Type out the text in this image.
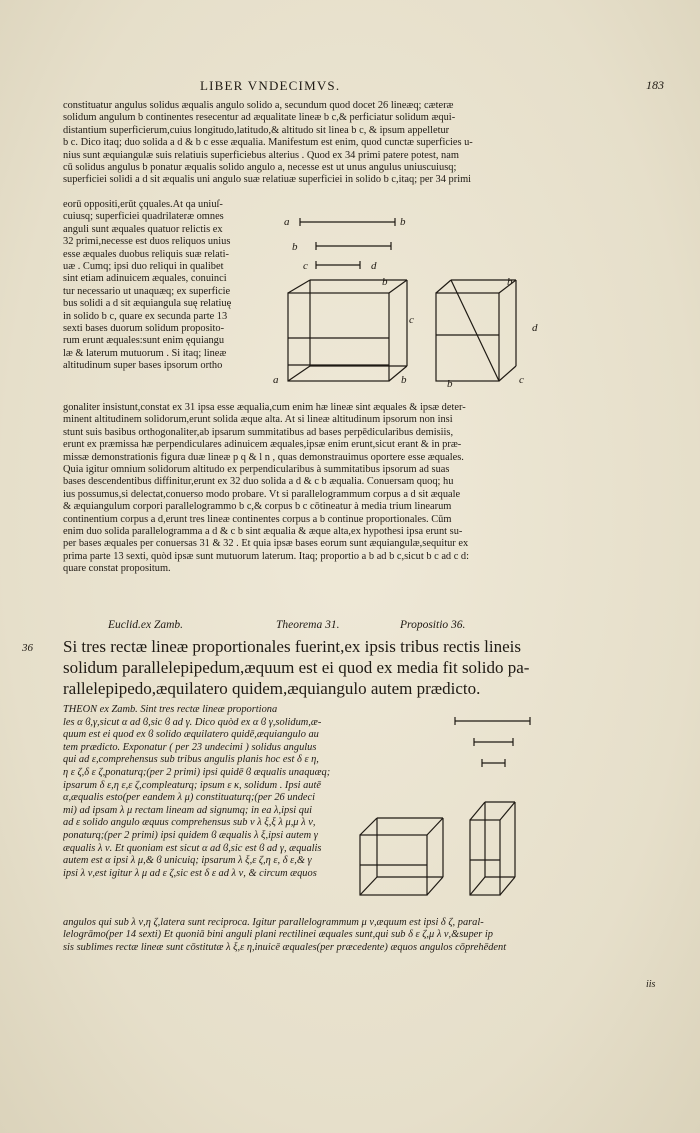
LIBER VNDECIMVS.	183
constituatur angulus solidus æqualis angulo solido a, secundum quod docet 26 lineæq; cæteræ
solidum angulum b continentes resecentur ad æqualitate lineæ b c,& perficiatur solidum æqui-
distantium superficierum,cuius longitudo,latitudo,& altitudo sit linea b c, & ipsum appelletur
b c. Dico itaq; duo solida a d & b c esse æqualia. Manifestum est enim, quod cunctæ superficies u-
nius sunt æquiangulæ suis relatiuis superficiebus alterius . Quod ex 34 primi patere potest, nam
cū solidus angulus b ponatur æqualis solido angulo a, necesse est ut unus angulus uniuscuiusq;
superficiei solidi a d sit æqualis uni angulo suæ relatiuæ superficiei in solido b c,itaq; per 34 primi
eorū oppositi,erūt çquales.At qa uniuſ-
cuiusq; superficiei quadrilateræ omnes
anguli sunt æquales quatuor relictis ex
32 primi,necesse est duos reliquos unius
esse æquales duobus reliquis suæ relati-
uæ . Cumq; ipsi duo reliqui in qualibet
sint etiam adinuicem æquales, conuinci
tur necessario ut unaquæq; ex superficie
bus solidi a d sit æquiangula suę relatiuę
in solido b c, quare ex secunda parte 13
sexti bases duorum solidum proposito-
rum erunt æquales:sunt enim ęquiangu
læ & laterum mutuorum . Si itaq; lineæ
altitudinum super bases ipsorum ortho
a	b
b
c	d
a	b
c
b
b	c
d
b
gonaliter insistunt,constat ex 31 ipsa esse æqualia,cum enim hæ lineæ sint æquales & ipsæ deter-
minent altitudinem solidorum,erunt solida æque alta. At si lineæ altitudinum ipsorum non insi
stunt suis basibus orthogonaliter,ab ipsarum summitatibus ad bases perpēdicularibus demisiis,
erunt ex præmissa hæ perpendiculares adinuicem æquales,ipsæ enim erunt,sicut erant & in præ-
missæ demonstrationis figura duæ lineæ p q & l n , quas demonstrauimus oportere esse æquales.
Quia igitur omnium solidorum altitudo ex perpendicularibus à summitatibus ipsorum ad suas
bases descendentibus diffinitur,erunt ex 32 duo solida a d & c b æqualia. Conuersam quoq; hu
ius possumus,si delectat,conuerso modo probare. Vt si parallelogrammum corpus a d sit æquale
& æquiangulum corpori parallelogrammo b c,& corpus b c cōtineatur à media trium linearum
continentium corpus a d,erunt tres lineæ continentes corpus a b continue proportionales. Cūm
enim duo solida parallelogramma a d & c b sint æqualia & æque alta,ex hypothesi ipsa erunt su-
per bases æquales per conuersas 31 & 32 . Et quia ipsæ bases eorum sunt æquiangulæ,sequitur ex
prima parte 13 sexti, quòd ipsæ sunt mutuorum laterum. Itaq; proportio a b ad b c,sicut b c ad c d:
quare constat propositum.
Euclid.ex Zamb.	Theorema 31.	Propositio 36.
36 Si tres rectæ lineæ proportionales fuerint,ex ipsis tribus rectis lineis
solidum parallelepipedum,æquum est ei quod ex media fit solido pa-
rallelepipedo,æquilatero quidem,æquiangulo autem prædicto.
THEON ex Zamb. Sint tres rectæ lineæ proportiona
les α ϐ,γ,sicut α ad ϐ,sic ϐ ad γ. Dico quòd ex α ϐ γ,solidum,æ-
quum est ei quod ex ϐ solido æquilatero quidē,æquiangulo au
tem prædicto. Exponatur ( per 23 undecimi ) solidus angulus
qui ad ε,comprehensus sub tribus angulis planis hoc est δ ε η,
η ε ζ,δ ε ζ,ponaturq;(per 2 primi) ipsi quidē ϐ æqualis unaquæq;
ipsarum δ ε,η ε,ε ζ,compleaturq; ipsum ε κ, solidum . Ipsi autē
α,æqualis esto(per eandem λ μ) constituaturq;(per 26 undeci
mi) ad ipsam λ μ rectam lineam ad signumq; in ea λ,ipsi qui
ad ε solido angulo æquus comprehensus sub ν λ ξ,ξ λ μ,μ λ ν,
ponaturq;(per 2 primi) ipsi quidem ϐ æqualis λ ξ,ipsi autem γ
æqualis λ ν. Et quoniam est sicut α ad ϐ,sic est ϐ ad γ, æqualis
autem est α ipsi λ μ,& ϐ unicuiq; ipsarum λ ξ,ε ζ,η ε, δ ε,& γ
ipsi λ ν,est igitur λ μ ad ε ζ,sic est δ ε ad λ ν, & circum æquos
angulos qui sub λ ν,η ζ,latera sunt reciproca. Igitur parallelogrammum μ ν,æquum est ipsi δ ζ, paral-
lelogrāmo(per 14 sexti) Et quoniā bini anguli plani rectilinei æquales sunt,qui sub δ ε ζ,μ λ ν,&super ip
sis sublimes rectæ lineæ sunt cōstitutæ λ ξ,ε η,inuicē æquales(per præcedente) æquos angulos cōprehēdent
iis
